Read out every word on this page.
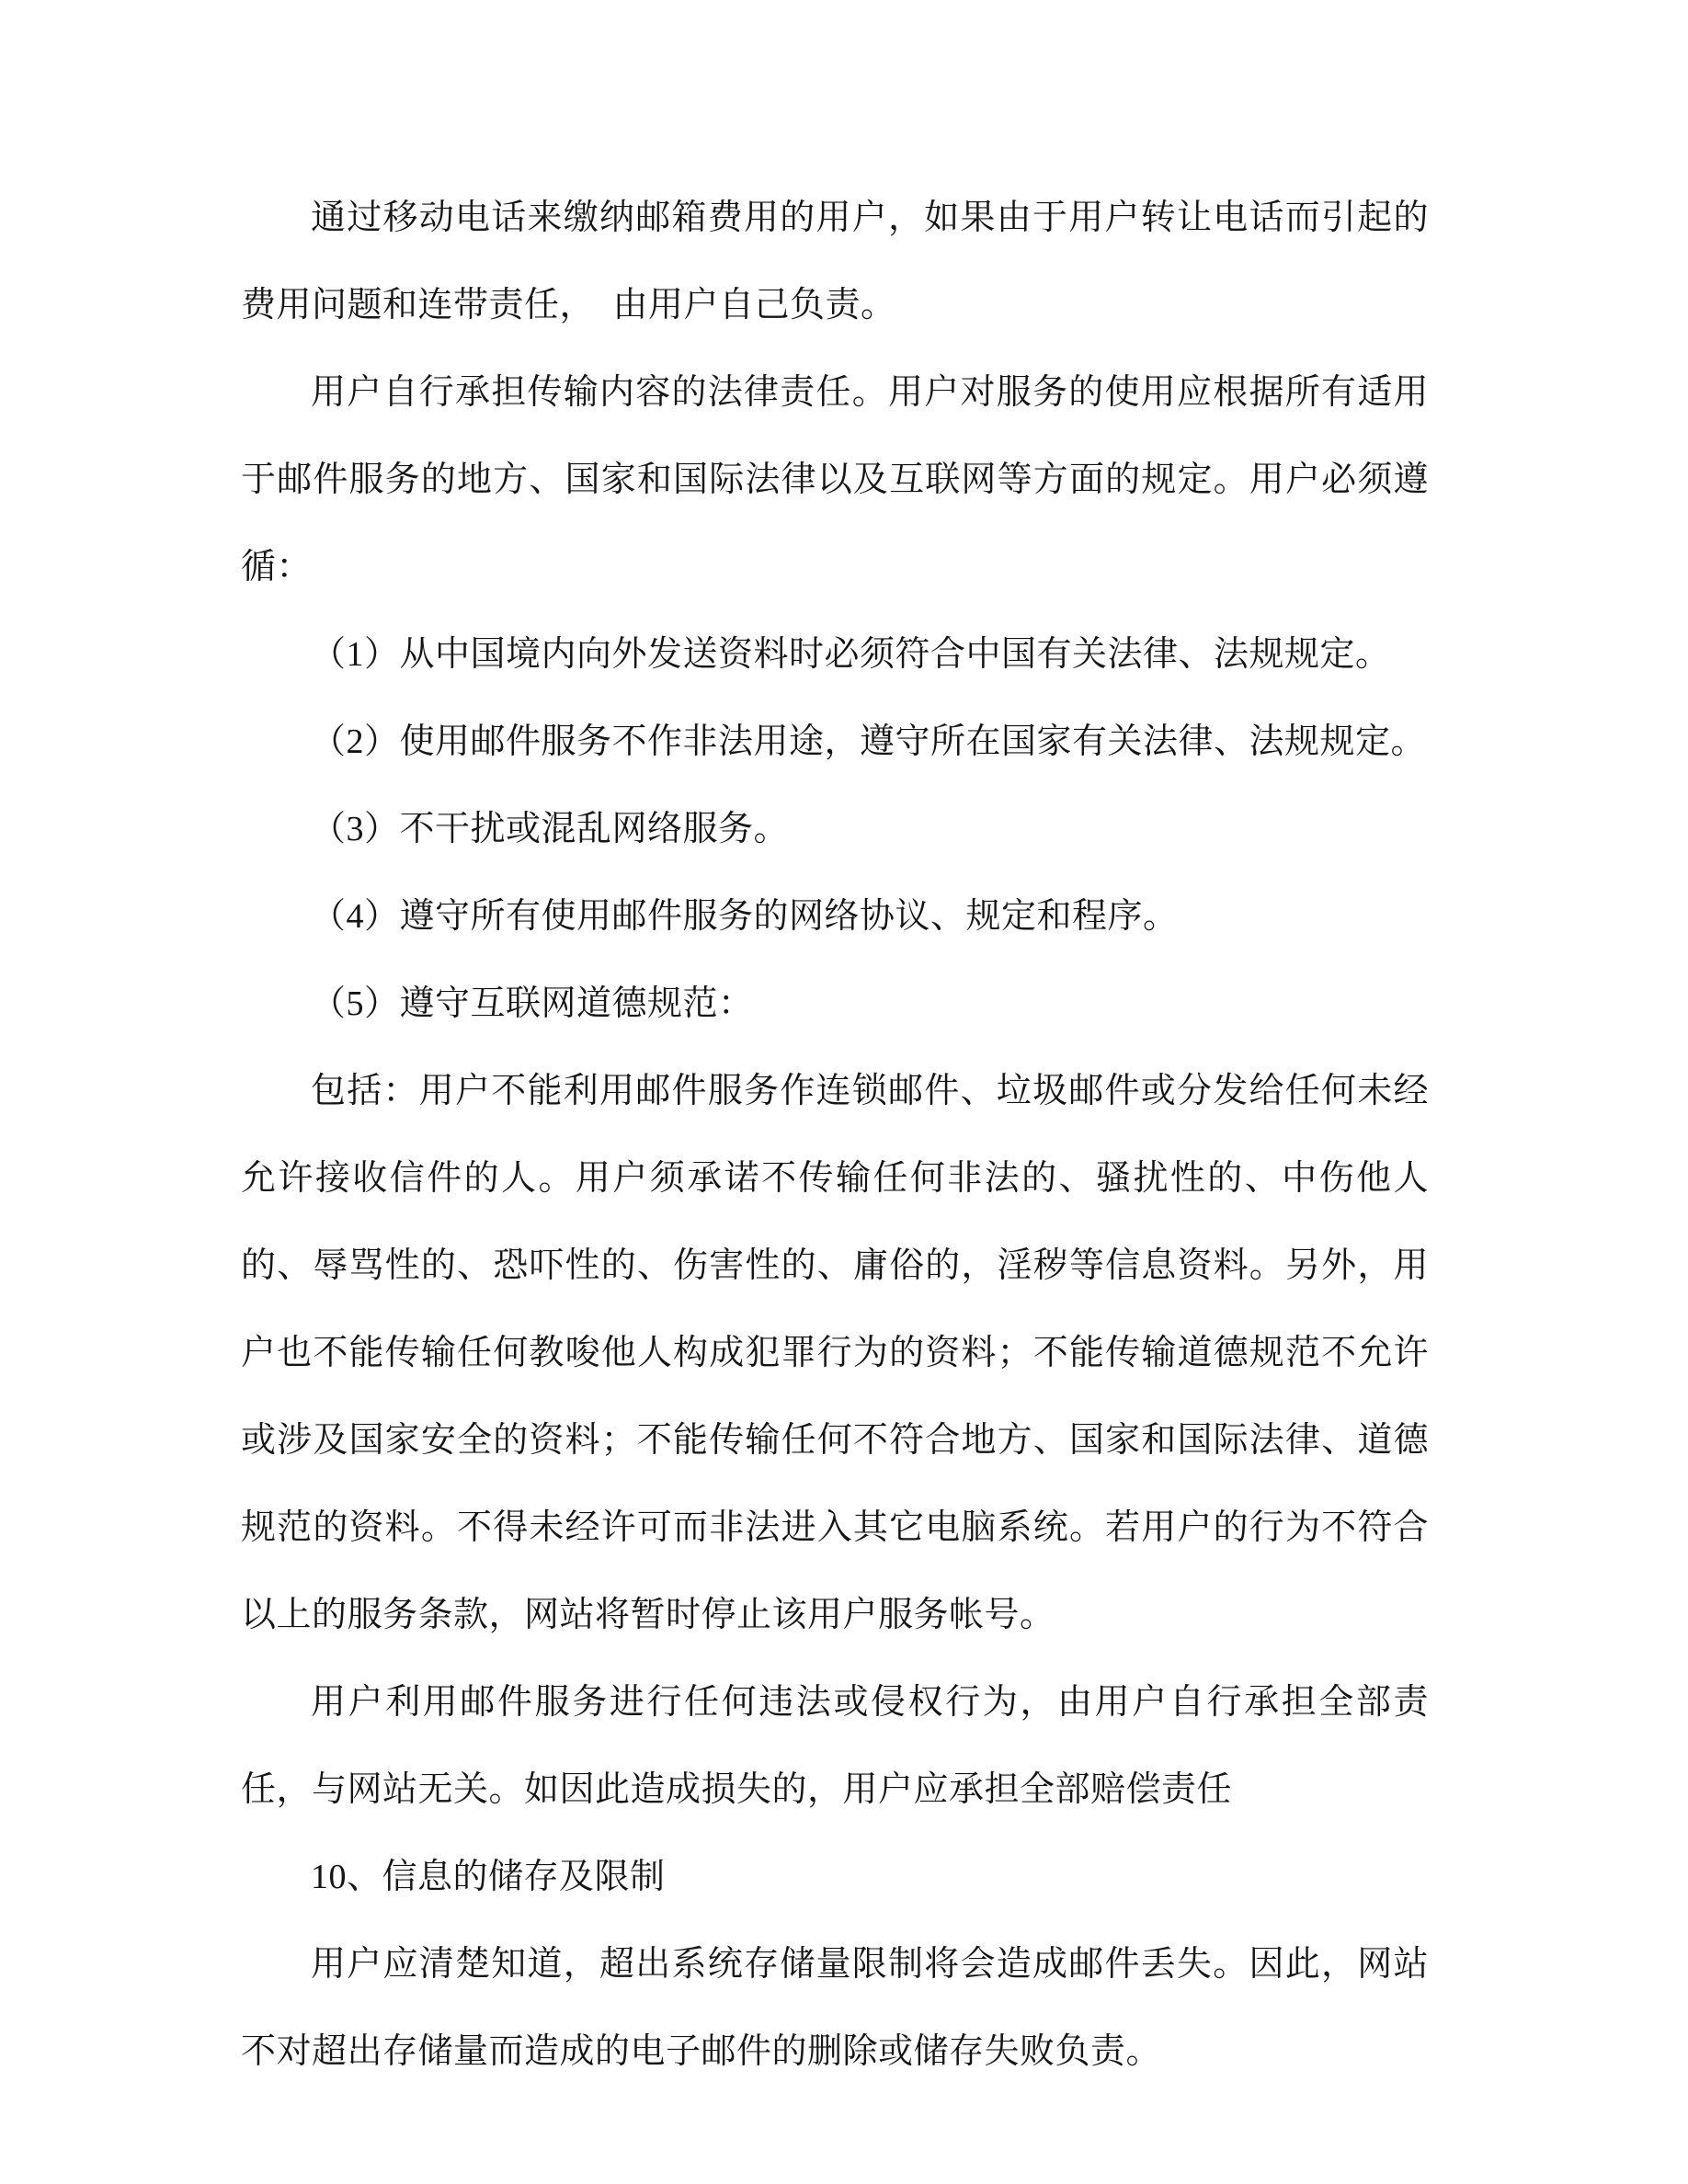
通过移动电话来缴纳邮箱费用的用户，如果由于用户转让电话而引起的费用问题和连带责任，　由用户自己负责。

用户自行承担传输内容的法律责任。用户对服务的使用应根据所有适用于邮件服务的地方、国家和国际法律以及互联网等方面的规定。用户必须遵循：

（1）从中国境内向外发送资料时必须符合中国有关法律、法规规定。

（2）使用邮件服务不作非法用途，遵守所在国家有关法律、法规规定。

（3）不干扰或混乱网络服务。

（4）遵守所有使用邮件服务的网络协议、规定和程序。

（5）遵守互联网道德规范：

包括：用户不能利用邮件服务作连锁邮件、垃圾邮件或分发给任何未经允许接收信件的人。用户须承诺不传输任何非法的、骚扰性的、中伤他人的、辱骂性的、恐吓性的、伤害性的、庸俗的，淫秽等信息资料。另外，用户也不能传输任何教唆他人构成犯罪行为的资料；不能传输道德规范不允许或涉及国家安全的资料；不能传输任何不符合地方、国家和国际法律、道德规范的资料。不得未经许可而非法进入其它电脑系统。若用户的行为不符合以上的服务条款，网站将暂时停止该用户服务帐号。

用户利用邮件服务进行任何违法或侵权行为，由用户自行承担全部责任，与网站无关。如因此造成损失的，用户应承担全部赔偿责任

10、信息的储存及限制

用户应清楚知道，超出系统存储量限制将会造成邮件丢失。因此，网站不对超出存储量而造成的电子邮件的删除或储存失败负责。
